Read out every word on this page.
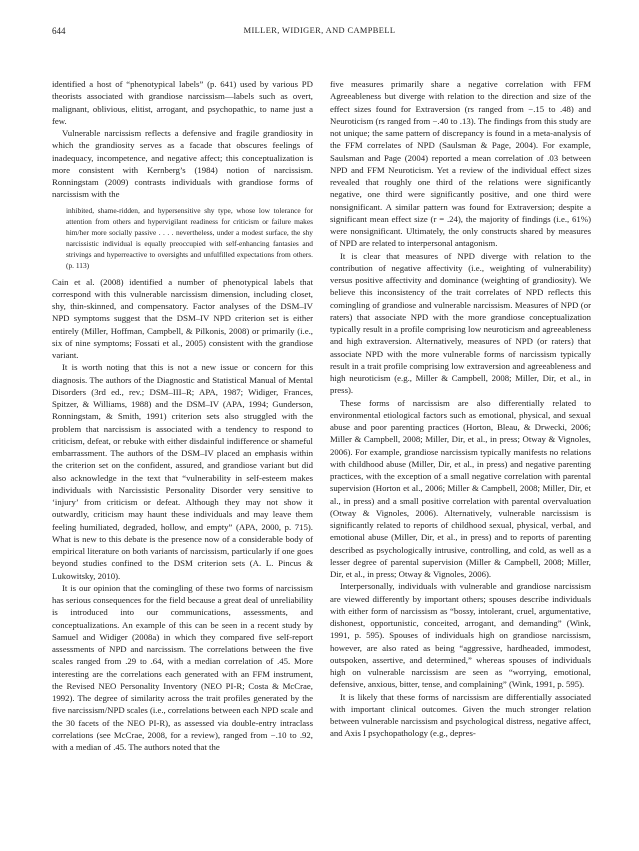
644	MILLER, WIDIGER, AND CAMPBELL

identified a host of “phenotypical labels” (p. 641) used by various PD theorists associated with grandiose narcissism—labels such as overt, malignant, oblivious, elitist, arrogant, and psychopathic, to name just a few.

Vulnerable narcissism reflects a defensive and fragile grandiosity in which the grandiosity serves as a facade that obscures feelings of inadequacy, incompetence, and negative affect; this conceptualization is more consistent with Kernberg’s (1984) notion of narcissism. Ronningstam (2009) contrasts individuals with grandiose forms of narcissism with the

inhibited, shame-ridden, and hypersensitive shy type, whose low tolerance for attention from others and hypervigilant readiness for criticism or failure makes him/her more socially passive . . . . nevertheless, under a modest surface, the shy narcissistic individual is equally preoccupied with self-enhancing fantasies and strivings and hyperreactive to oversights and unfulfilled expectations from others. (p. 113)

Cain et al. (2008) identified a number of phenotypical labels that correspond with this vulnerable narcissism dimension, including closet, shy, thin-skinned, and compensatory. Factor analyses of the DSM–IV NPD symptoms suggest that the DSM–IV NPD criterion set is either entirely (Miller, Hoffman, Campbell, & Pilkonis, 2008) or primarily (i.e., six of nine symptoms; Fossati et al., 2005) consistent with the grandiose variant.

It is worth noting that this is not a new issue or concern for this diagnosis. The authors of the Diagnostic and Statistical Manual of Mental Disorders (3rd ed., rev.; DSM–III–R; APA, 1987; Widiger, Frances, Spitzer, & Williams, 1988) and the DSM–IV (APA, 1994; Gunderson, Ronningstam, & Smith, 1991) criterion sets also struggled with the problem that narcissism is associated with a tendency to respond to criticism, defeat, or rebuke with either disdainful indifference or shameful embarrassment. The authors of the DSM–IV placed an emphasis within the criterion set on the confident, assured, and grandiose variant but did also acknowledge in the text that “vulnerability in self-esteem makes individuals with Narcissistic Personality Disorder very sensitive to ‘injury’ from criticism or defeat. Although they may not show it outwardly, criticism may haunt these individuals and may leave them feeling humiliated, degraded, hollow, and empty” (APA, 2000, p. 715). What is new to this debate is the presence now of a considerable body of empirical literature on both variants of narcissism, particularly if one goes beyond studies confined to the DSM criterion sets (A. L. Pincus & Lukowitsky, 2010).

It is our opinion that the comingling of these two forms of narcissism has serious consequences for the field because a great deal of unreliability is introduced into our communications, assessments, and conceptualizations. An example of this can be seen in a recent study by Samuel and Widiger (2008a) in which they compared five self-report assessments of NPD and narcissism. The correlations between the five scales ranged from .29 to .64, with a median correlation of .45. More interesting are the correlations each generated with an FFM instrument, the Revised NEO Personality Inventory (NEO PI-R; Costa & McCrae, 1992). The degree of similarity across the trait profiles generated by the five narcissism/NPD scales (i.e., correlations between each NPD scale and the 30 facets of the NEO PI-R), as assessed via double-entry intraclass correlations (see McCrae, 2008, for a review), ranged from −.10 to .92, with a median of .45. The authors noted that the

five measures primarily share a negative correlation with FFM Agreeableness but diverge with relation to the direction and size of the effect sizes found for Extraversion (rs ranged from −.15 to .48) and Neuroticism (rs ranged from −.40 to .13). The findings from this study are not unique; the same pattern of discrepancy is found in a meta-analysis of the FFM correlates of NPD (Saulsman & Page, 2004). For example, Saulsman and Page (2004) reported a mean correlation of .03 between NPD and FFM Neuroticism. Yet a review of the individual effect sizes revealed that roughly one third of the relations were significantly negative, one third were significantly positive, and one third were nonsignificant. A similar pattern was found for Extraversion; despite a significant mean effect size (r = .24), the majority of findings (i.e., 61%) were nonsignificant. Ultimately, the only constructs shared by measures of NPD are related to interpersonal antagonism.

It is clear that measures of NPD diverge with relation to the contribution of negative affectivity (i.e., weighting of vulnerability) versus positive affectivity and dominance (weighting of grandiosity). We believe this inconsistency of the trait correlates of NPD reflects this comingling of grandiose and vulnerable narcissism. Measures of NPD (or raters) that associate NPD with the more grandiose conceptualization typically result in a profile comprising low neuroticism and agreeableness and high extraversion. Alternatively, measures of NPD (or raters) that associate NPD with the more vulnerable forms of narcissism typically result in a trait profile comprising low extraversion and agreeableness and high neuroticism (e.g., Miller & Campbell, 2008; Miller, Dir, et al., in press).

These forms of narcissism are also differentially related to environmental etiological factors such as emotional, physical, and sexual abuse and poor parenting practices (Horton, Bleau, & Drwecki, 2006; Miller & Campbell, 2008; Miller, Dir, et al., in press; Otway & Vignoles, 2006). For example, grandiose narcissism typically manifests no relations with childhood abuse (Miller, Dir, et al., in press) and negative parenting practices, with the exception of a small negative correlation with parental supervision (Horton et al., 2006; Miller & Campbell, 2008; Miller, Dir, et al., in press) and a small positive correlation with parental overvaluation (Otway & Vignoles, 2006). Alternatively, vulnerable narcissism is significantly related to reports of childhood sexual, physical, verbal, and emotional abuse (Miller, Dir, et al., in press) and to reports of parenting described as psychologically intrusive, controlling, and cold, as well as a lesser degree of parental supervision (Miller & Campbell, 2008; Miller, Dir, et al., in press; Otway & Vignoles, 2006).

Interpersonally, individuals with vulnerable and grandiose narcissism are viewed differently by important others; spouses describe individuals with either form of narcissism as “bossy, intolerant, cruel, argumentative, dishonest, opportunistic, conceited, arrogant, and demanding” (Wink, 1991, p. 595). Spouses of individuals high on grandiose narcissism, however, are also rated as being “aggressive, hardheaded, immodest, outspoken, assertive, and determined,” whereas spouses of individuals high on vulnerable narcissism are seen as “worrying, emotional, defensive, anxious, bitter, tense, and complaining” (Wink, 1991, p. 595).

It is likely that these forms of narcissism are differentially associated with important clinical outcomes. Given the much stronger relation between vulnerable narcissism and psychological distress, negative affect, and Axis I psychopathology (e.g., depres-
